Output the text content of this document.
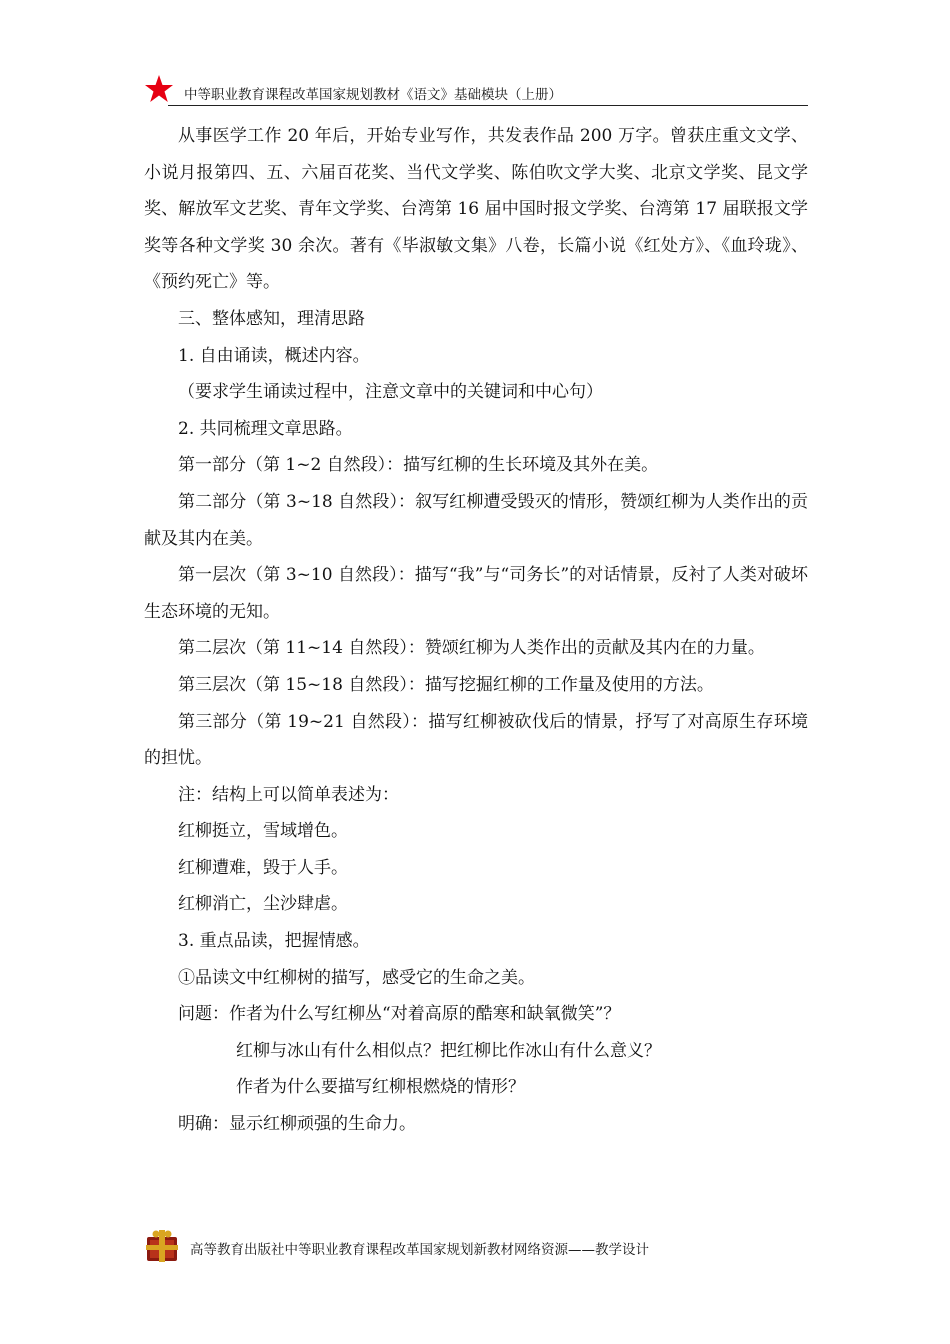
中等职业教育课程改革国家规划教材《语文》基础模块（上册）

从事医学工作 20 年后，开始专业写作，共发表作品 200 万字。曾获庄重文文学、小说月报第四、五、六届百花奖、当代文学奖、陈伯吹文学大奖、北京文学奖、昆文学奖、解放军文艺奖、青年文学奖、台湾第 16 届中国时报文学奖、台湾第 17 届联报文学奖等各种文学奖 30 余次。著有《毕淑敏文集》八卷，长篇小说《红处方》、《血玲珑》、《预约死亡》等。

三、整体感知，理清思路

1. 自由诵读，概述内容。

（要求学生诵读过程中，注意文章中的关键词和中心句）

2. 共同梳理文章思路。

第一部分（第 1~2 自然段）：描写红柳的生长环境及其外在美。

第二部分（第 3~18 自然段）：叙写红柳遭受毁灭的情形，赞颂红柳为人类作出的贡献及其内在美。

第一层次（第 3~10 自然段）：描写“我”与“司务长”的对话情景，反衬了人类对破坏生态环境的无知。

第二层次（第 11~14 自然段）：赞颂红柳为人类作出的贡献及其内在的力量。

第三层次（第 15~18 自然段）：描写挖掘红柳的工作量及使用的方法。

第三部分（第 19~21 自然段）：描写红柳被砍伐后的情景，抒写了对高原生存环境的担忧。

注：结构上可以简单表述为：

红柳挺立，雪域增色。

红柳遭难，毁于人手。

红柳消亡，尘沙肆虐。

3. 重点品读，把握情感。

①品读文中红柳树的描写，感受它的生命之美。

问题：作者为什么写红柳丛“对着高原的酷寒和缺氧微笑”？

红柳与冰山有什么相似点？把红柳比作冰山有什么意义？

作者为什么要描写红柳根燃烧的情形？

明确：显示红柳顽强的生命力。

高等教育出版社中等职业教育课程改革国家规划新教材网络资源——教学设计
